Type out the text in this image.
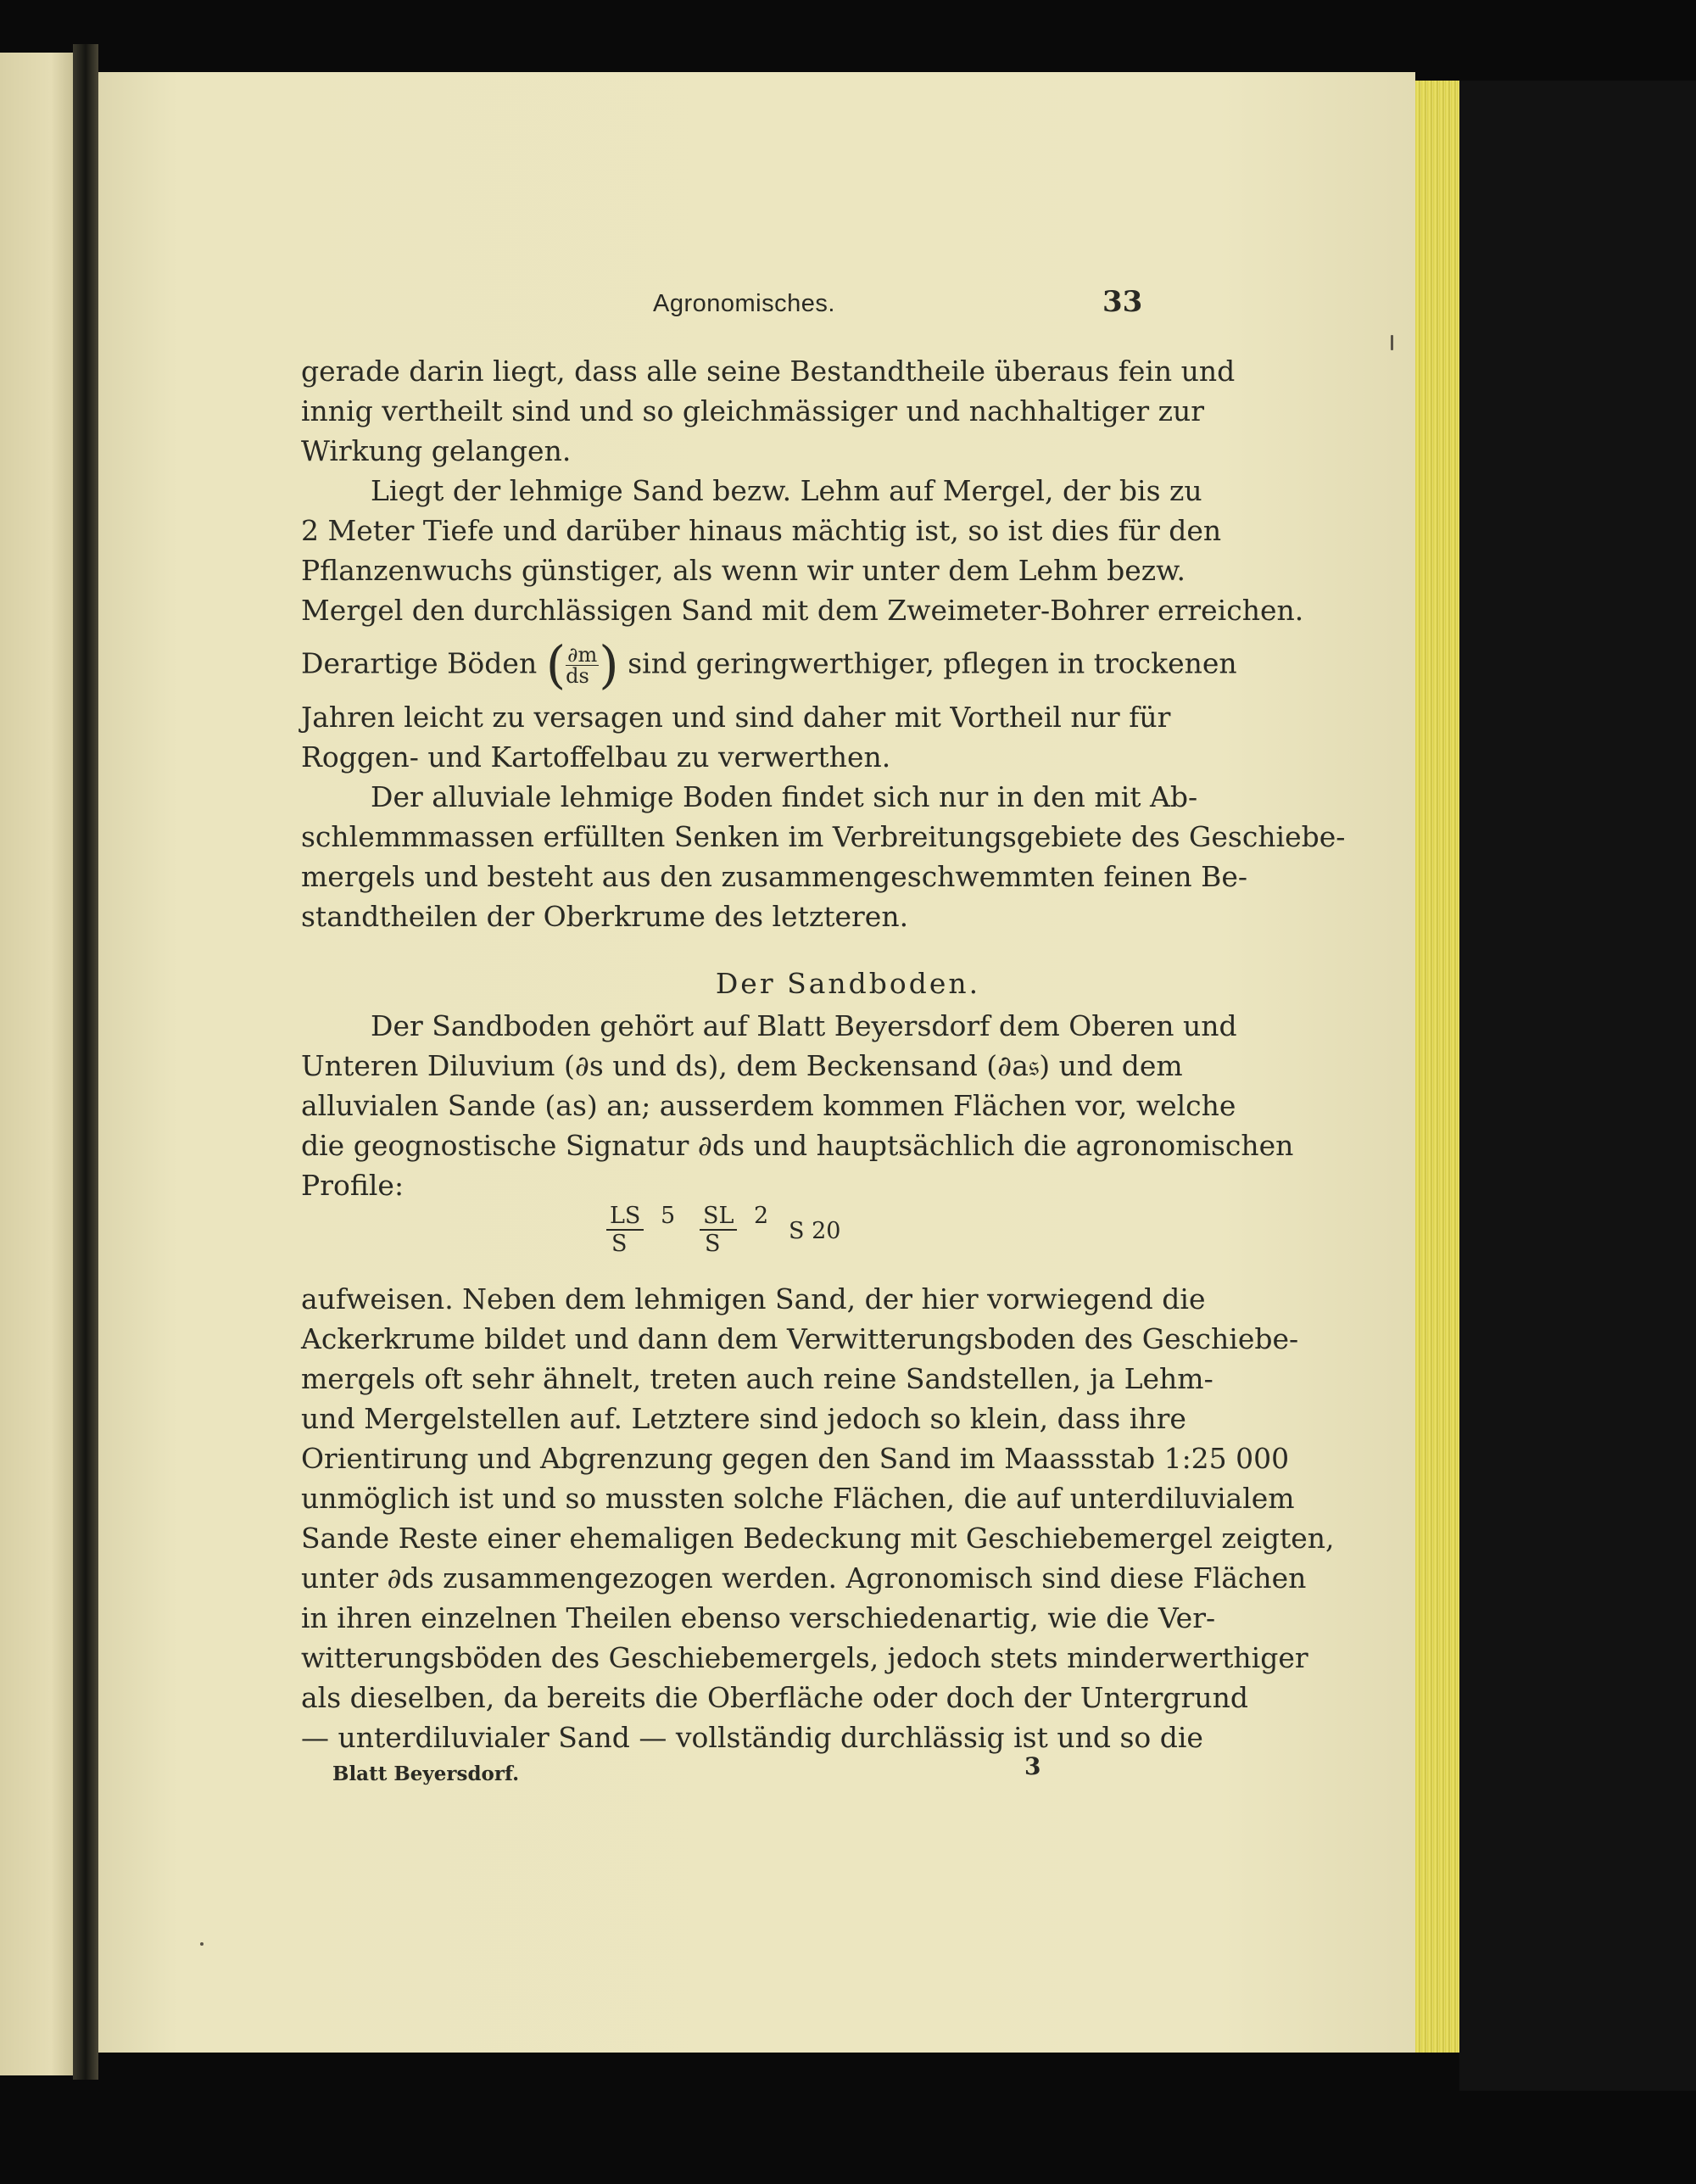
Agronomisches.	33
gerade darin liegt, dass alle seine Bestandtheile überaus fein und
innig vertheilt sind und so gleichmässiger und nachhaltiger zur
Wirkung gelangen.
Liegt der lehmige Sand bezw. Lehm auf Mergel, der bis zu
2 Meter Tiefe und darüber hinaus mächtig ist, so ist dies für den
Pflanzenwuchs günstiger, als wenn wir unter dem Lehm bezw.
Mergel den durchlässigen Sand mit dem Zweimeter-Bohrer erreichen.
Derartige Böden ( $\frac{\partial m}{ds}$ ) sind geringwerthiger, pflegen in trockenen
Jahren leicht zu versagen und sind daher mit Vortheil nur für
Roggen- und Kartoffelbau zu verwerthen.
Der alluviale lehmige Boden findet sich nur in den mit Ab-
schlemmmassen erfüllten Senken im Verbreitungsgebiete des Geschiebe-
mergels und besteht aus den zusammengeschwemmten feinen Be-
standtheilen der Oberkrume des letzteren.
Der Sandboden.
Der Sandboden gehört auf Blatt Beyersdorf dem Oberen und
Unteren Diluvium (∂s und ds), dem Beckensand (∂a𝔰) und dem
alluvialen Sande (as) an; ausserdem kommen Flächen vor, welche
die geognostische Signatur ∂ds und hauptsächlich die agronomischen
Profile:
LS
S
5 SL
S
2
S 20
aufweisen. Neben dem lehmigen Sand, der hier vorwiegend die
Ackerkrume bildet und dann dem Verwitterungsboden des Geschiebe-
mergels oft sehr ähnelt, treten auch reine Sandstellen, ja Lehm-
und Mergelstellen auf. Letztere sind jedoch so klein, dass ihre
Orientirung und Abgrenzung gegen den Sand im Maassstab 1:25 000
unmöglich ist und so mussten solche Flächen, die auf unterdiluvialem
Sande Reste einer ehemaligen Bedeckung mit Geschiebemergel zeigten,
unter ∂ds zusammengezogen werden. Agronomisch sind diese Flächen
in ihren einzelnen Theilen ebenso verschiedenartig, wie die Ver-
witterungsböden des Geschiebemergels, jedoch stets minderwerthiger
als dieselben, da bereits die Oberfläche oder doch der Untergrund
— unterdiluvialer Sand — vollständig durchlässig ist und so die
Blatt Beyersdorf.	3
